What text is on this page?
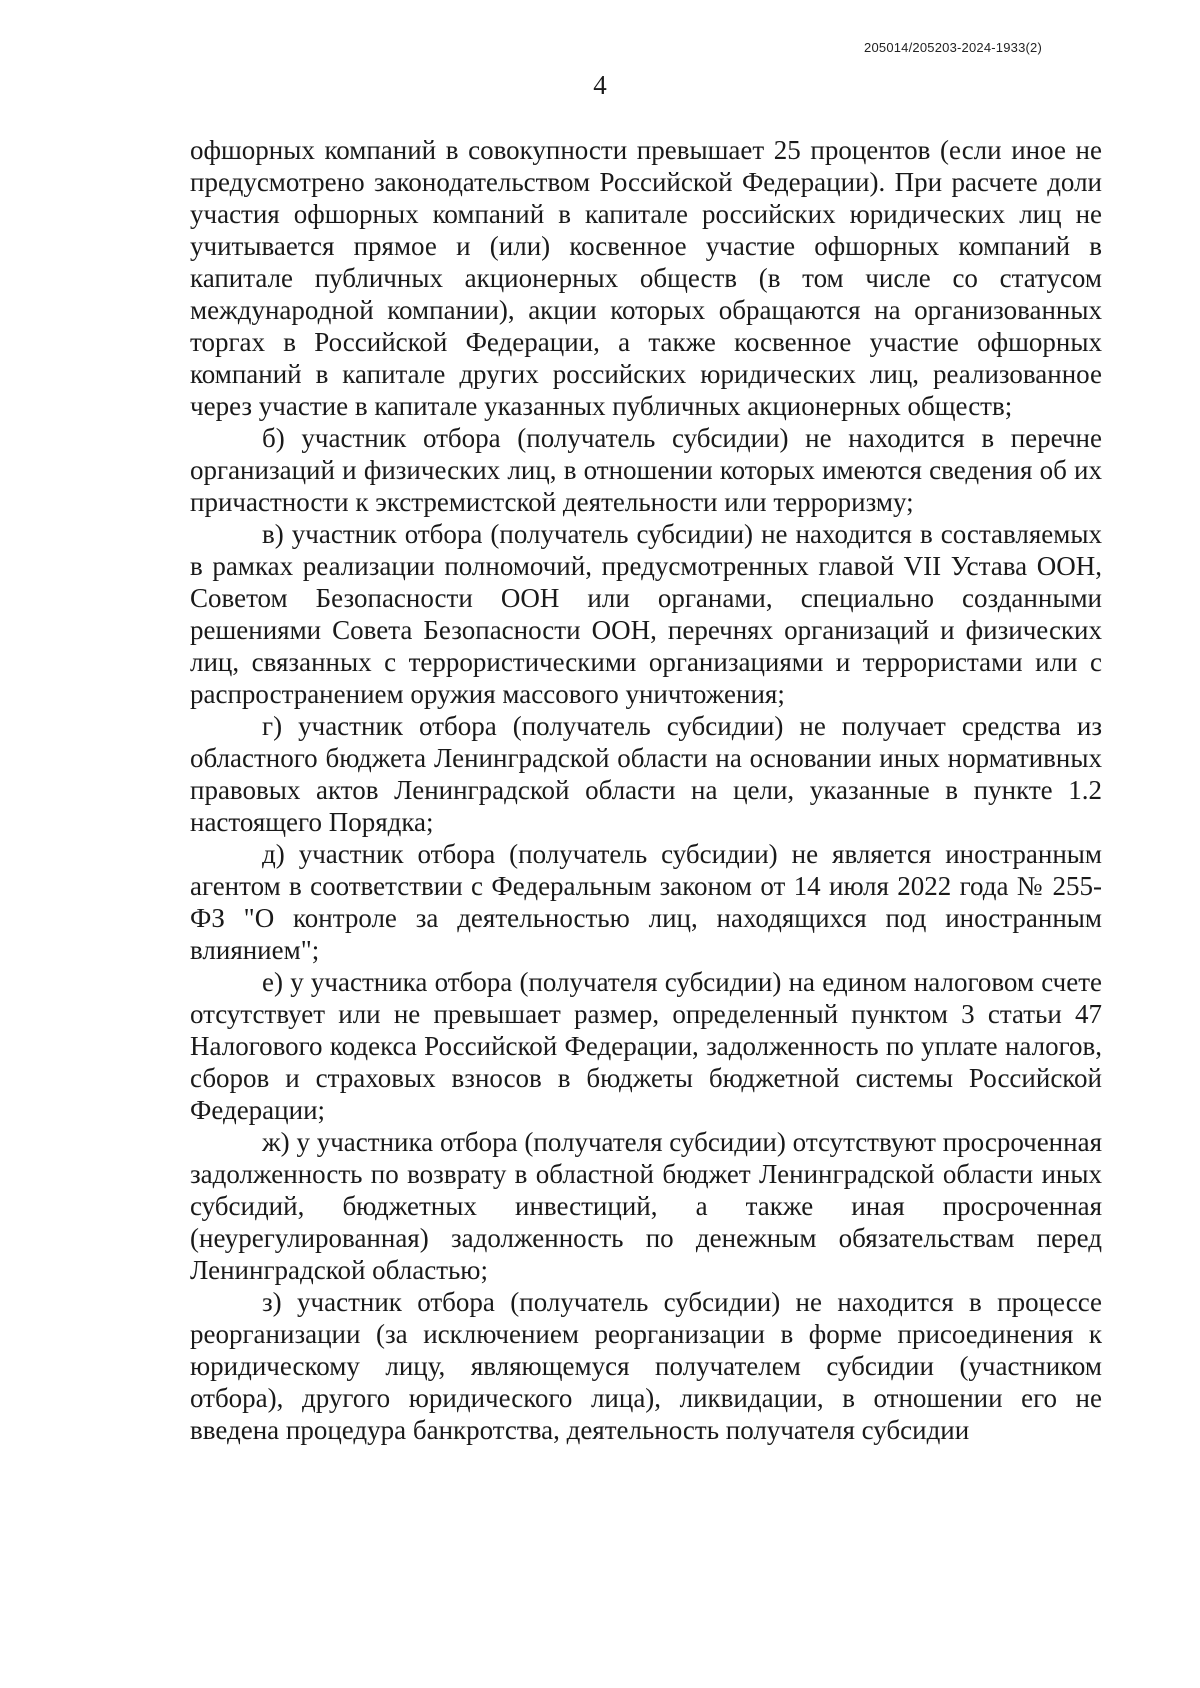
205014/205203-2024-1933(2)
4

офшорных компаний в совокупности превышает 25 процентов (если иное не предусмотрено законодательством Российской Федерации). При расчете доли участия офшорных компаний в капитале российских юридических лиц не учитывается прямое и (или) косвенное участие офшорных компаний в капитале публичных акционерных обществ (в том числе со статусом международной компании), акции которых обращаются на организованных торгах в Российской Федерации, а также косвенное участие офшорных компаний в капитале других российских юридических лиц, реализованное через участие в капитале указанных публичных акционерных обществ;

б) участник отбора (получатель субсидии) не находится в перечне организаций и физических лиц, в отношении которых имеются сведения об их причастности к экстремистской деятельности или терроризму;

в) участник отбора (получатель субсидии) не находится в составляемых в рамках реализации полномочий, предусмотренных главой VII Устава ООН, Советом Безопасности ООН или органами, специально созданными решениями Совета Безопасности ООН, перечнях организаций и физических лиц, связанных с террористическими организациями и террористами или с распространением оружия массового уничтожения;

г) участник отбора (получатель субсидии) не получает средства из областного бюджета Ленинградской области на основании иных нормативных правовых актов Ленинградской области на цели, указанные в пункте 1.2 настоящего Порядка;

д) участник отбора (получатель субсидии) не является иностранным агентом в соответствии с Федеральным законом от 14 июля 2022 года № 255-ФЗ "О контроле за деятельностью лиц, находящихся под иностранным влиянием";

е) у участника отбора (получателя субсидии) на едином налоговом счете отсутствует или не превышает размер, определенный пунктом 3 статьи 47 Налогового кодекса Российской Федерации, задолженность по уплате налогов, сборов и страховых взносов в бюджеты бюджетной системы Российской Федерации;

ж) у участника отбора (получателя субсидии) отсутствуют просроченная задолженность по возврату в областной бюджет Ленинградской области иных субсидий, бюджетных инвестиций, а также иная просроченная (неурегулированная) задолженность по денежным обязательствам перед Ленинградской областью;

з) участник отбора (получатель субсидии) не находится в процессе реорганизации (за исключением реорганизации в форме присоединения к юридическому лицу, являющемуся получателем субсидии (участником отбора), другого юридического лица), ликвидации, в отношении его не введена процедура банкротства, деятельность получателя субсидии
